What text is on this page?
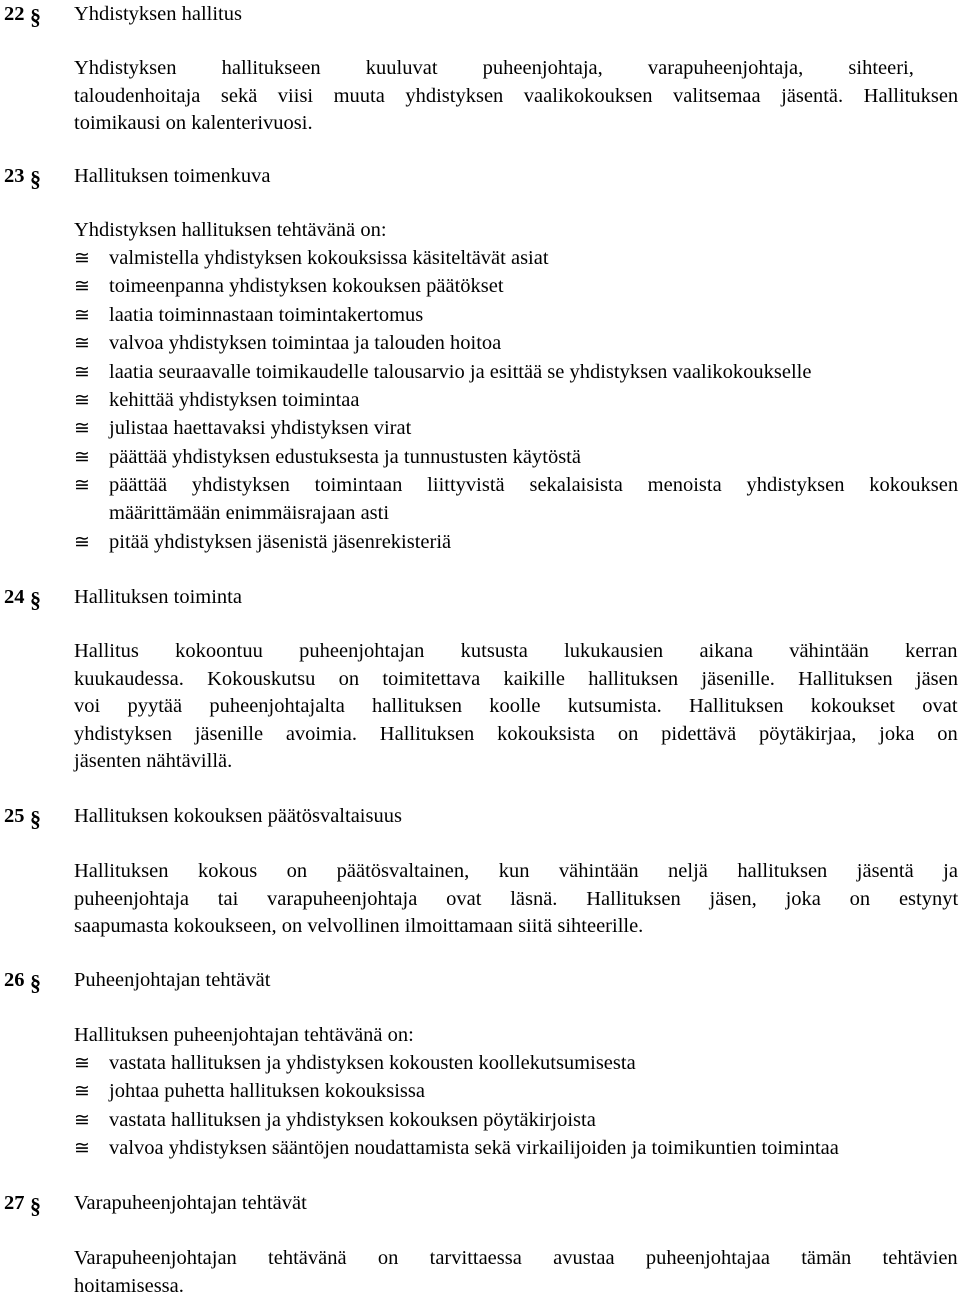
22 § Yhdistyksen hallitus
Yhdistyksen hallitukseen kuuluvat puheenjohtaja, varapuheenjohtaja, sihteeri,
taloudenhoitaja sekä viisi muuta yhdistyksen vaalikokouksen valitsemaa jäsentä. Hallituksen
toimikausi on kalenterivuosi.
23 § Hallituksen toimenkuva
Yhdistyksen hallituksen tehtävänä on:
≅ valmistella yhdistyksen kokouksissa käsiteltävät asiat
≅ toimeenpanna yhdistyksen kokouksen päätökset
≅ laatia toiminnastaan toimintakertomus
≅ valvoa yhdistyksen toimintaa ja talouden hoitoa
≅ laatia seuraavalle toimikaudelle talousarvio ja esittää se yhdistyksen vaalikokoukselle
≅ kehittää yhdistyksen toimintaa
≅ julistaa haettavaksi yhdistyksen virat
≅ päättää yhdistyksen edustuksesta ja tunnustusten käytöstä
≅ päättää yhdistyksen toimintaan liittyvistä sekalaisista menoista yhdistyksen kokouksen
määrittämään enimmäisrajaan asti
≅ pitää yhdistyksen jäsenistä jäsenrekisteriä
24 § Hallituksen toiminta
Hallitus kokoontuu puheenjohtajan kutsusta lukukausien aikana vähintään kerran
kuukaudessa. Kokouskutsu on toimitettava kaikille hallituksen jäsenille. Hallituksen jäsen
voi pyytää puheenjohtajalta hallituksen koolle kutsumista. Hallituksen kokoukset ovat
yhdistyksen jäsenille avoimia. Hallituksen kokouksista on pidettävä pöytäkirjaa, joka on
jäsenten nähtävillä.
25 § Hallituksen kokouksen päätösvaltaisuus
Hallituksen kokous on päätösvaltainen, kun vähintään neljä hallituksen jäsentä ja
puheenjohtaja tai varapuheenjohtaja ovat läsnä. Hallituksen jäsen, joka on estynyt
saapumasta kokoukseen, on velvollinen ilmoittamaan siitä sihteerille.
26 § Puheenjohtajan tehtävät
Hallituksen puheenjohtajan tehtävänä on:
≅ vastata hallituksen ja yhdistyksen kokousten koollekutsumisesta
≅ johtaa puhetta hallituksen kokouksissa
≅ vastata hallituksen ja yhdistyksen kokouksen pöytäkirjoista
≅ valvoa yhdistyksen sääntöjen noudattamista sekä virkailijoiden ja toimikuntien toimintaa
27 § Varapuheenjohtajan tehtävät
Varapuheenjohtajan tehtävänä on tarvittaessa avustaa puheenjohtajaa tämän tehtävien
hoitamisessa.
